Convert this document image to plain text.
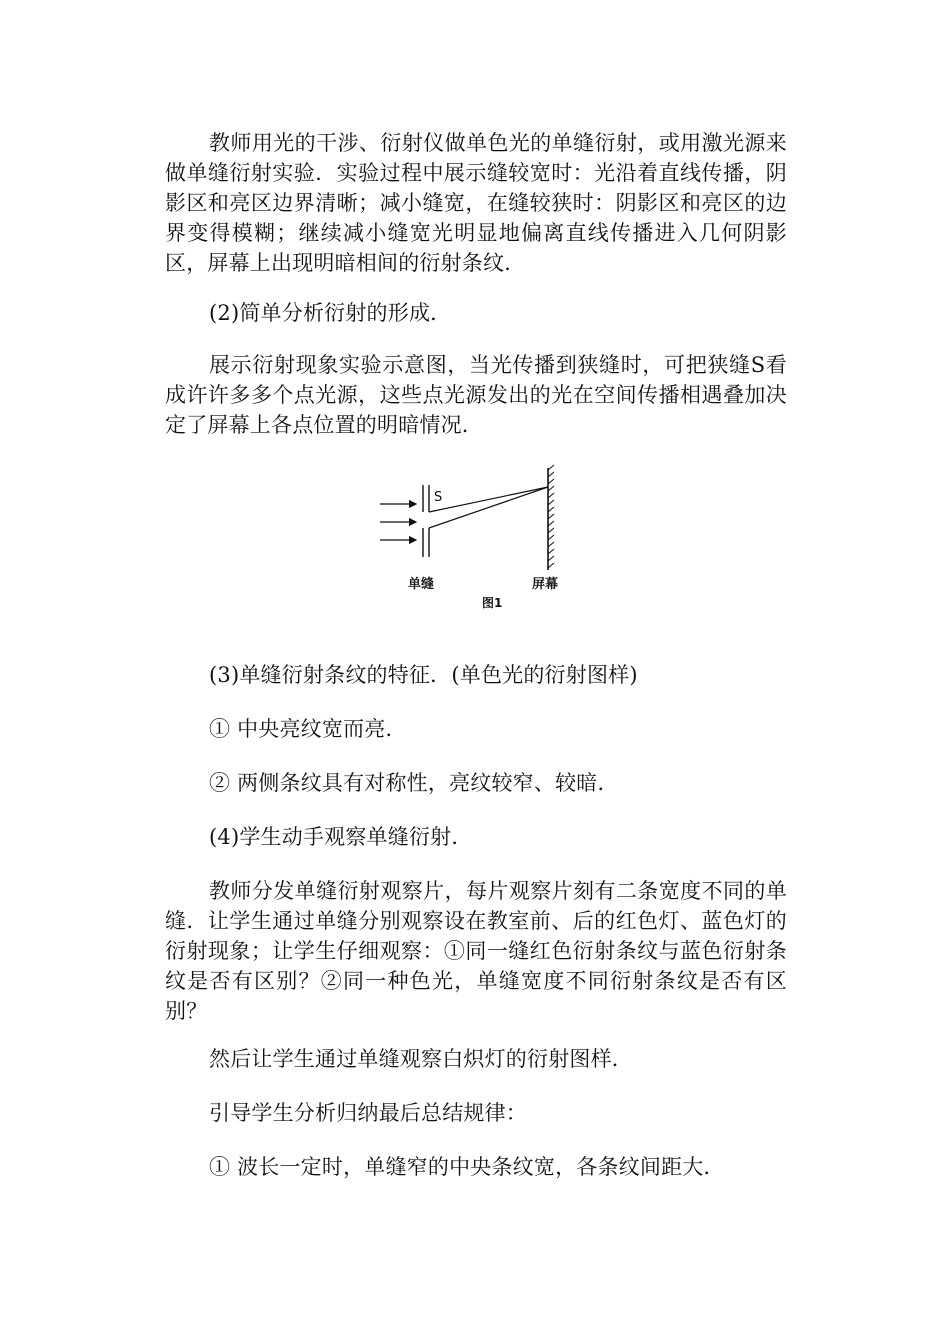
教师用光的干涉、衍射仪做单色光的单缝衍射，或用激光源来做单缝衍射实验．实验过程中展示缝较宽时：光沿着直线传播，阴影区和亮区边界清晰；减小缝宽，在缝较狭时：阴影区和亮区的边界变得模糊；继续减小缝宽光明显地偏离直线传播进入几何阴影区，屏幕上出现明暗相间的衍射条纹．

(2)简单分析衍射的形成．

展示衍射现象实验示意图，当光传播到狭缝时，可把狭缝S看成许许多多个点光源，这些点光源发出的光在空间传播相遇叠加决定了屏幕上各点位置的明暗情况．

S
单缝	屏幕
图1

(3)单缝衍射条纹的特征．(单色光的衍射图样)

① 中央亮纹宽而亮．

② 两侧条纹具有对称性，亮纹较窄、较暗．

(4)学生动手观察单缝衍射．

教师分发单缝衍射观察片，每片观察片刻有二条宽度不同的单缝．让学生通过单缝分别观察设在教室前、后的红色灯、蓝色灯的衍射现象；让学生仔细观察：①同一缝红色衍射条纹与蓝色衍射条纹是否有区别？②同一种色光，单缝宽度不同衍射条纹是否有区别？

然后让学生通过单缝观察白炽灯的衍射图样．

引导学生分析归纳最后总结规律：

① 波长一定时，单缝窄的中央条纹宽，各条纹间距大．
